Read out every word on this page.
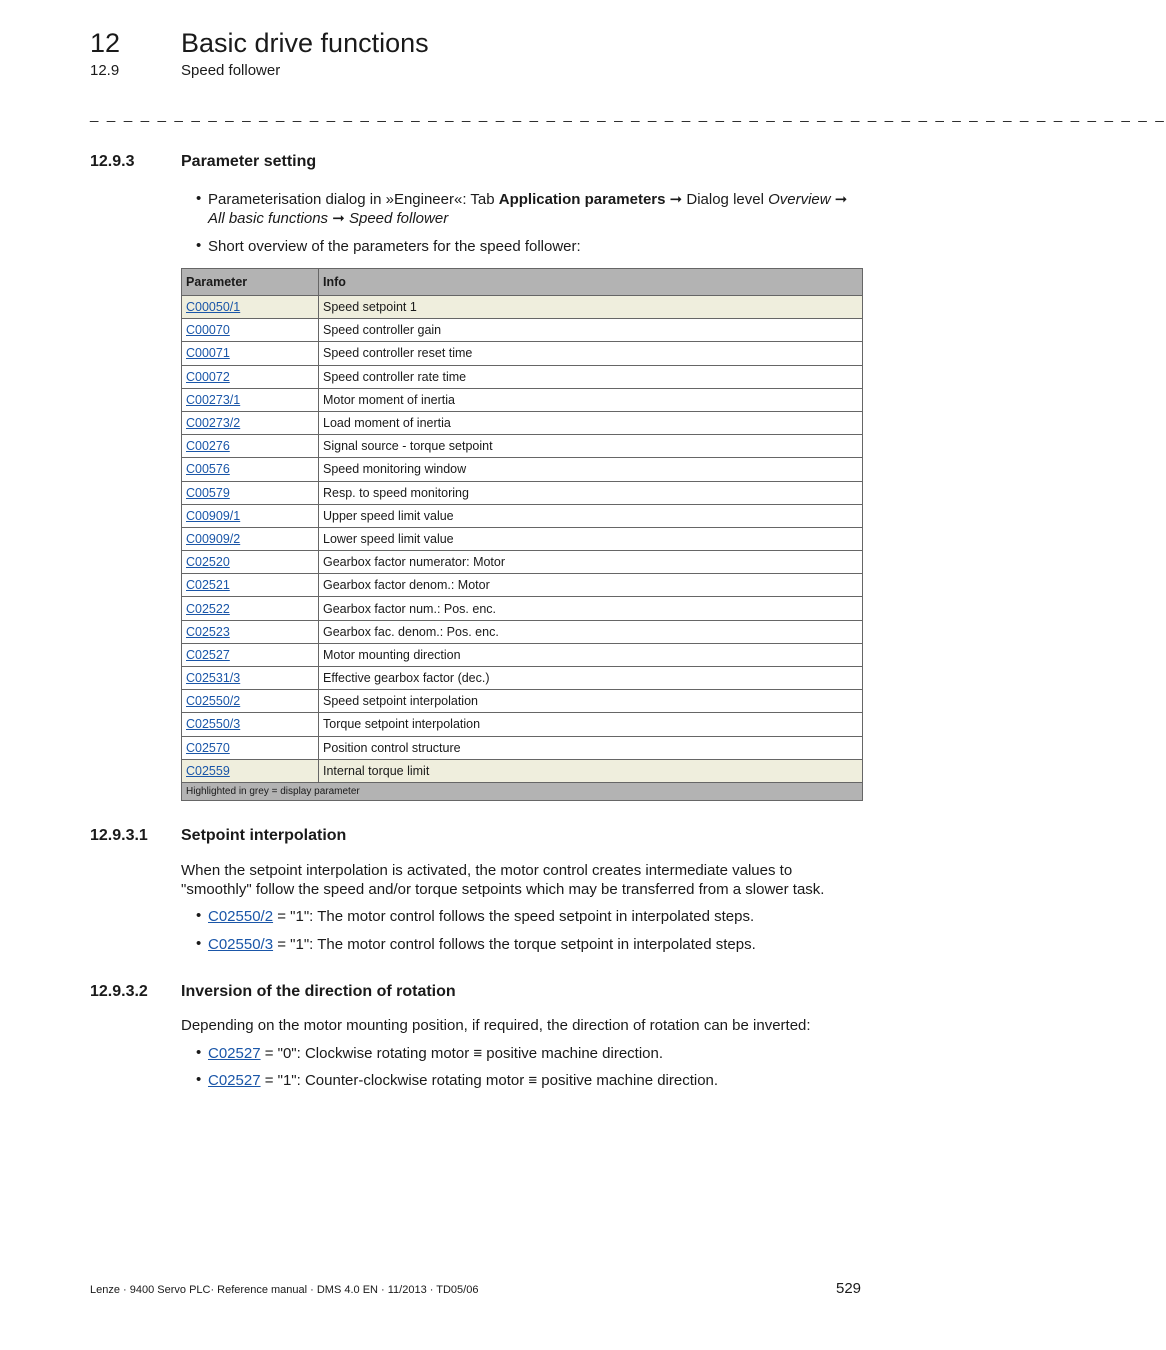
12 Basic drive functions
12.9	Speed follower
_ _ _ _ _ _ _ _ _ _ _ _ _ _ _ _ _ _ _ _ _ _ _ _ _ _ _ _ _ _ _ _ _ _ _ _ _ _ _ _ _ _ _ _ _ _ _ _ _ _ _ _ _ _ _ _ _ _ _ _ _ _ _ _
12.9.3	Parameter setting
• Parameterisation dialog in »Engineer«: Tab Application parameters ➞ Dialog level Overview ➞ All basic functions ➞ Speed follower
• Short overview of the parameters for the speed follower:
Parameter	Info
C00050/1	Speed setpoint 1
C00070	Speed controller gain
C00071	Speed controller reset time
C00072	Speed controller rate time
C00273/1	Motor moment of inertia
C00273/2	Load moment of inertia
C00276	Signal source - torque setpoint
C00576	Speed monitoring window
C00579	Resp. to speed monitoring
C00909/1	Upper speed limit value
C00909/2	Lower speed limit value
C02520	Gearbox factor numerator: Motor
C02521	Gearbox factor denom.: Motor
C02522	Gearbox factor num.: Pos. enc.
C02523	Gearbox fac. denom.: Pos. enc.
C02527	Motor mounting direction
C02531/3	Effective gearbox factor (dec.)
C02550/2	Speed setpoint interpolation
C02550/3	Torque setpoint interpolation
C02570	Position control structure
C02559	Internal torque limit
Highlighted in grey = display parameter	
12.9.3.1 Setpoint interpolation
When the setpoint interpolation is activated, the motor control creates intermediate values to
"smoothly" follow the speed and/or torque setpoints which may be transferred from a slower task.
• C02550/2 = "1": The motor control follows the speed setpoint in interpolated steps.
• C02550/3 = "1": The motor control follows the torque setpoint in interpolated steps.
12.9.3.2 Inversion of the direction of rotation
Depending on the motor mounting position, if required, the direction of rotation can be inverted:
• C02527 = "0": Clockwise rotating motor ≡ positive machine direction.
• C02527 = "1": Counter-clockwise rotating motor ≡ positive machine direction.
Lenze · 9400 Servo PLC· Reference manual · DMS 4.0 EN · 11/2013 · TD05/06	529
